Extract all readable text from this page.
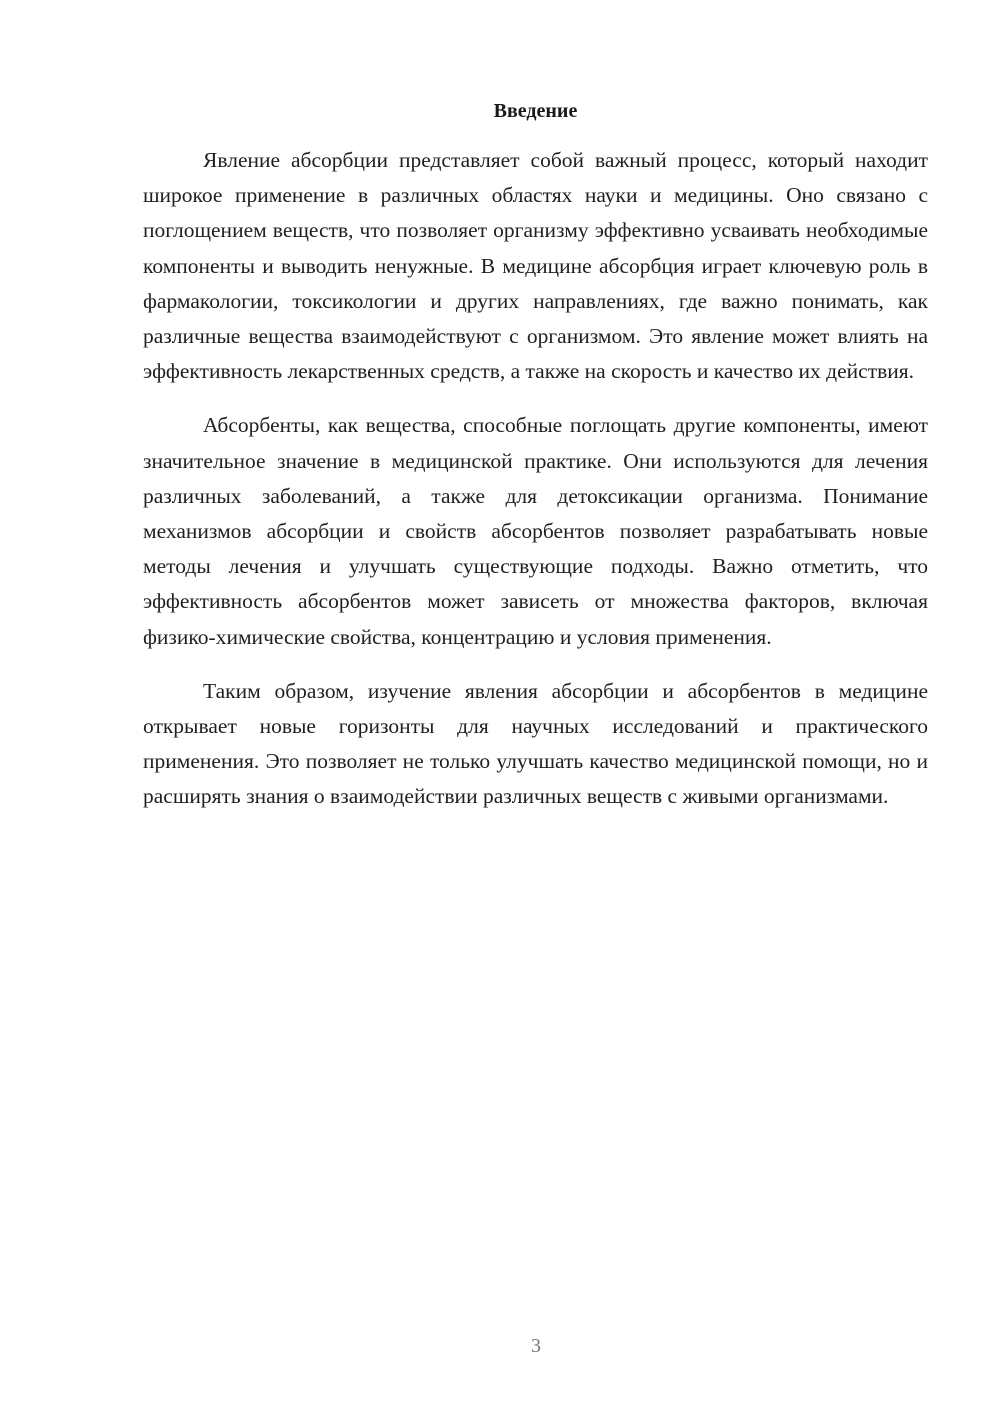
Введение

Явление абсорбции представляет собой важный процесс, который находит широкое применение в различных областях науки и медицины. Оно связано с поглощением веществ, что позволяет организму эффективно усваивать необходимые компоненты и выводить ненужные. В медицине абсорбция играет ключевую роль в фармакологии, токсикологии и других направлениях, где важно понимать, как различные вещества взаимодействуют с организмом. Это явление может влиять на эффективность лекарственных средств, а также на скорость и качество их действия.

Абсорбенты, как вещества, способные поглощать другие компоненты, имеют значительное значение в медицинской практике. Они используются для лечения различных заболеваний, а также для детоксикации организма. Понимание механизмов абсорбции и свойств абсорбентов позволяет разрабатывать новые методы лечения и улучшать существующие подходы. Важно отметить, что эффективность абсорбентов может зависеть от множества факторов, включая физико-химические свойства, концентрацию и условия применения.

Таким образом, изучение явления абсорбции и абсорбентов в медицине открывает новые горизонты для научных исследований и практического применения. Это позволяет не только улучшать качество медицинской помощи, но и расширять знания о взаимодействии различных веществ с живыми организмами.

3
